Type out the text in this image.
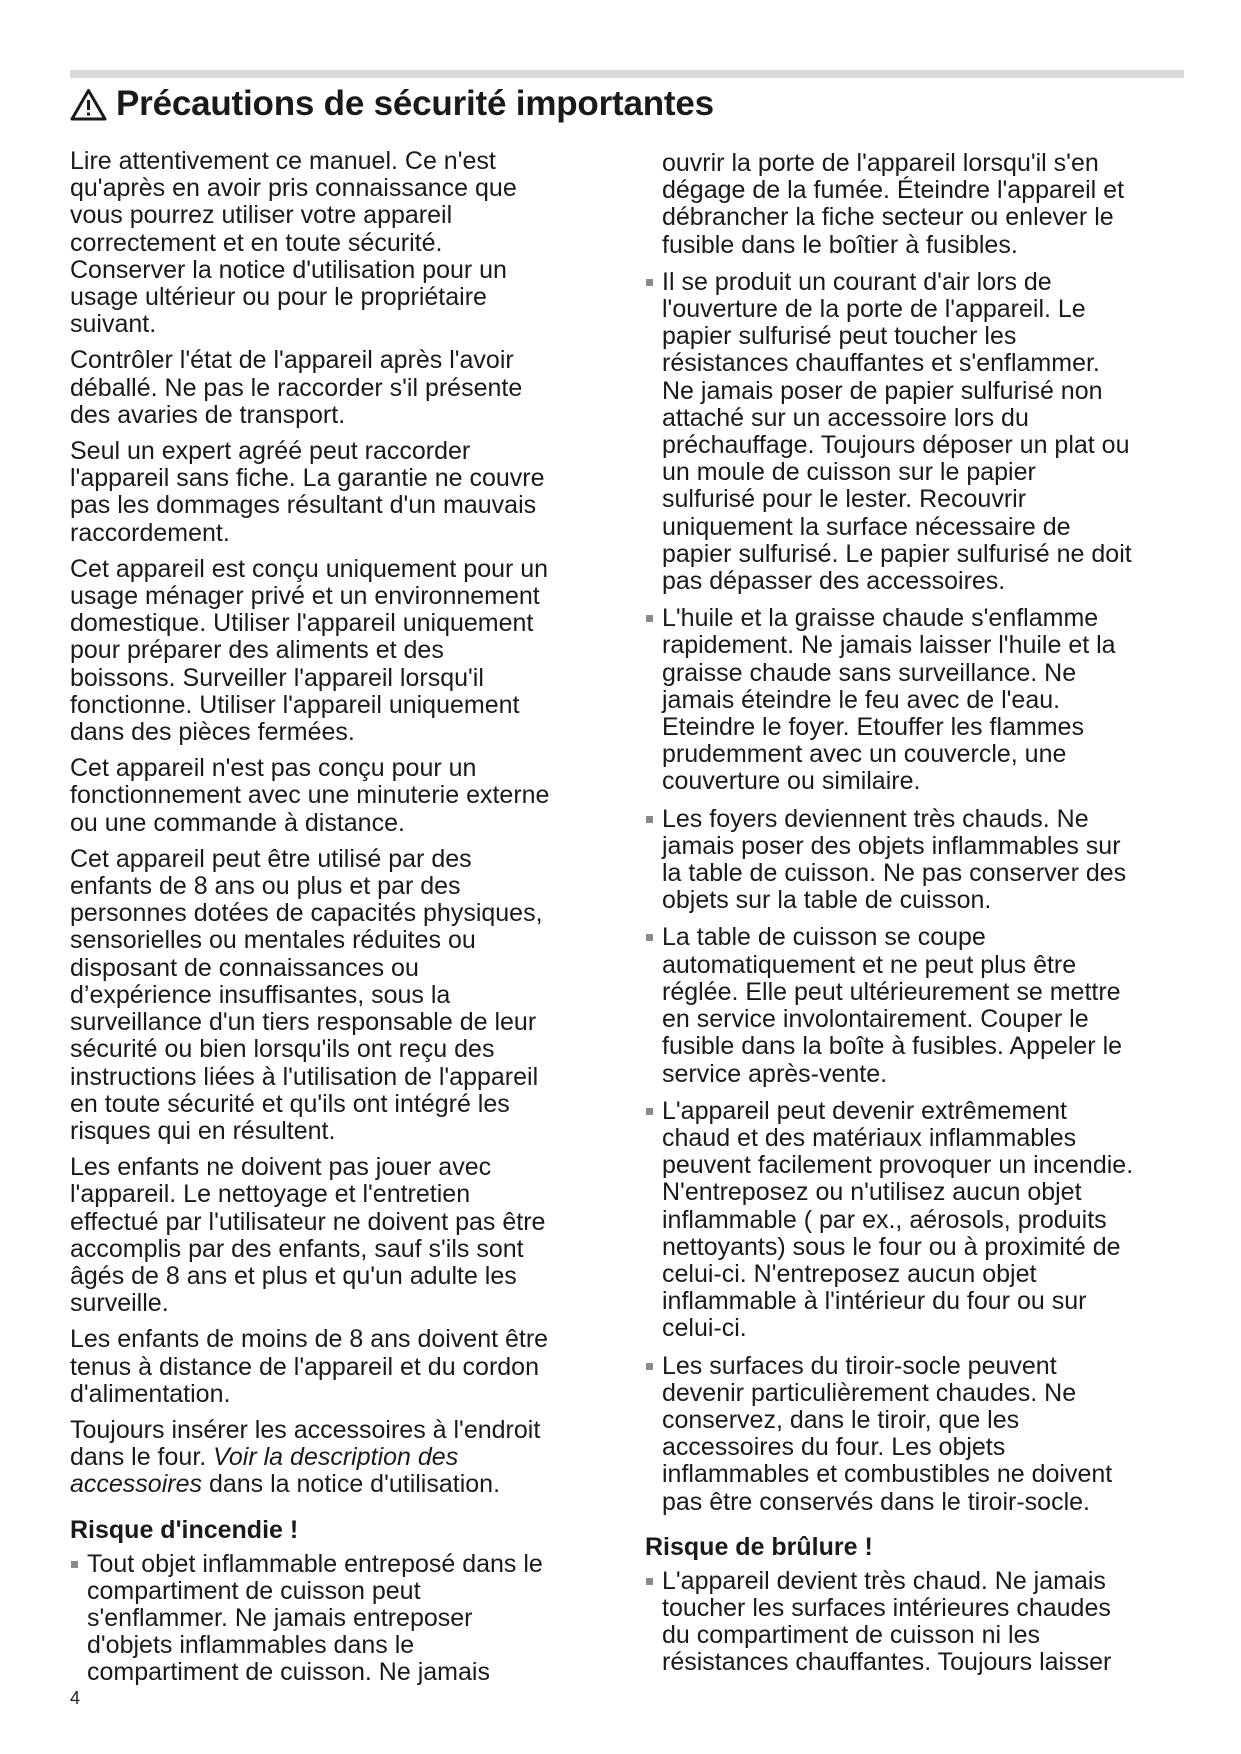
Précautions de sécurité importantes

Lire attentivement ce manuel. Ce n'est
qu'après en avoir pris connaissance que
vous pourrez utiliser votre appareil
correctement et en toute sécurité.
Conserver la notice d'utilisation pour un
usage ultérieur ou pour le propriétaire
suivant.

Contrôler l'état de l'appareil après l'avoir
déballé. Ne pas le raccorder s'il présente
des avaries de transport.

Seul un expert agréé peut raccorder
l'appareil sans fiche. La garantie ne couvre
pas les dommages résultant d'un mauvais
raccordement.

Cet appareil est conçu uniquement pour un
usage ménager privé et un environnement
domestique. Utiliser l'appareil uniquement
pour préparer des aliments et des
boissons. Surveiller l'appareil lorsqu'il
fonctionne. Utiliser l'appareil uniquement
dans des pièces fermées.

Cet appareil n'est pas conçu pour un
fonctionnement avec une minuterie externe
ou une commande à distance.

Cet appareil peut être utilisé par des
enfants de 8 ans ou plus et par des
personnes dotées de capacités physiques,
sensorielles ou mentales réduites ou
disposant de connaissances ou
d’expérience insuffisantes, sous la
surveillance d'un tiers responsable de leur
sécurité ou bien lorsqu'ils ont reçu des
instructions liées à l'utilisation de l'appareil
en toute sécurité et qu'ils ont intégré les
risques qui en résultent.

Les enfants ne doivent pas jouer avec
l'appareil. Le nettoyage et l'entretien
effectué par l'utilisateur ne doivent pas être
accomplis par des enfants, sauf s'ils sont
âgés de 8 ans et plus et qu'un adulte les
surveille.

Les enfants de moins de 8 ans doivent être
tenus à distance de l'appareil et du cordon
d'alimentation.

Toujours insérer les accessoires à l'endroit
dans le four. Voir la description des
accessoires dans la notice d'utilisation.

Risque d'incendie !
Tout objet inflammable entreposé dans le
compartiment de cuisson peut
s'enflammer. Ne jamais entreposer
d'objets inflammables dans le
compartiment de cuisson. Ne jamais
ouvrir la porte de l'appareil lorsqu'il s'en
dégage de la fumée. Éteindre l'appareil et
débrancher la fiche secteur ou enlever le
fusible dans le boîtier à fusibles.
Il se produit un courant d'air lors de
l'ouverture de la porte de l'appareil. Le
papier sulfurisé peut toucher les
résistances chauffantes et s'enflammer.
Ne jamais poser de papier sulfurisé non
attaché sur un accessoire lors du
préchauffage. Toujours déposer un plat ou
un moule de cuisson sur le papier
sulfurisé pour le lester. Recouvrir
uniquement la surface nécessaire de
papier sulfurisé. Le papier sulfurisé ne doit
pas dépasser des accessoires.
L'huile et la graisse chaude s'enflamme
rapidement. Ne jamais laisser l'huile et la
graisse chaude sans surveillance. Ne
jamais éteindre le feu avec de l'eau.
Eteindre le foyer. Etouffer les flammes
prudemment avec un couvercle, une
couverture ou similaire.
Les foyers deviennent très chauds. Ne
jamais poser des objets inflammables sur
la table de cuisson. Ne pas conserver des
objets sur la table de cuisson.
La table de cuisson se coupe
automatiquement et ne peut plus être
réglée. Elle peut ultérieurement se mettre
en service involontairement. Couper le
fusible dans la boîte à fusibles. Appeler le
service après-vente.
L'appareil peut devenir extrêmement
chaud et des matériaux inflammables
peuvent facilement provoquer un incendie.
N'entreposez ou n'utilisez aucun objet
inflammable ( par ex., aérosols, produits
nettoyants) sous le four ou à proximité de
celui-ci. N'entreposez aucun objet
inflammable à l'intérieur du four ou sur
celui-ci.
Les surfaces du tiroir-socle peuvent
devenir particulièrement chaudes. Ne
conservez, dans le tiroir, que les
accessoires du four. Les objets
inflammables et combustibles ne doivent
pas être conservés dans le tiroir-socle.
Risque de brûlure !
L'appareil devient très chaud. Ne jamais
toucher les surfaces intérieures chaudes
du compartiment de cuisson ni les
résistances chauffantes. Toujours laisser
4
